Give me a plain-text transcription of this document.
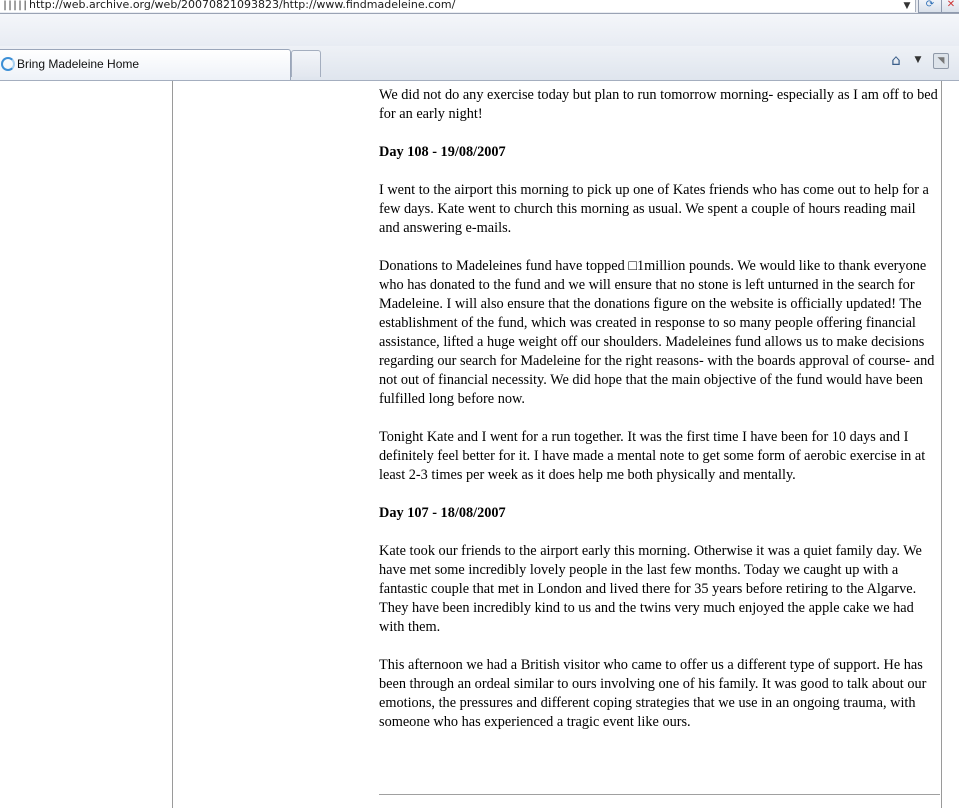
||||| http://web.archive.org/web/20070821093823/http://www.findmadeleine.com/	▼	⟳	✕
Bring Madeleine Home	⌂	▼	◥

We did not do any exercise today but plan to run tomorrow morning- especially as I am off to bed for an early night!

Day 108 - 19/08/2007

I went to the airport this morning to pick up one of Kates friends who has come out to help for a few days. Kate went to church this morning as usual. We spent a couple of hours reading mail and answering e-mails.

Donations to Madeleines fund have topped □1million pounds. We would like to thank everyone who has donated to the fund and we will ensure that no stone is left unturned in the search for Madeleine. I will also ensure that the donations figure on the website is officially updated! The establishment of the fund, which was created in response to so many people offering financial assistance, lifted a huge weight off our shoulders. Madeleines fund allows us to make decisions regarding our search for Madeleine for the right reasons- with the boards approval of course- and not out of financial necessity. We did hope that the main objective of the fund would have been fulfilled long before now.

Tonight Kate and I went for a run together. It was the first time I have been for 10 days and I definitely feel better for it. I have made a mental note to get some form of aerobic exercise in at least 2-3 times per week as it does help me both physically and mentally.

Day 107 - 18/08/2007

Kate took our friends to the airport early this morning. Otherwise it was a quiet family day. We have met some incredibly lovely people in the last few months. Today we caught up with a fantastic couple that met in London and lived there for 35 years before retiring to the Algarve. They have been incredibly kind to us and the twins very much enjoyed the apple cake we had with them.

This afternoon we had a British visitor who came to offer us a different type of support. He has been through an ordeal similar to ours involving one of his family. It was good to talk about our emotions, the pressures and different coping strategies that we use in an ongoing trauma, with someone who has experienced a tragic event like ours.
